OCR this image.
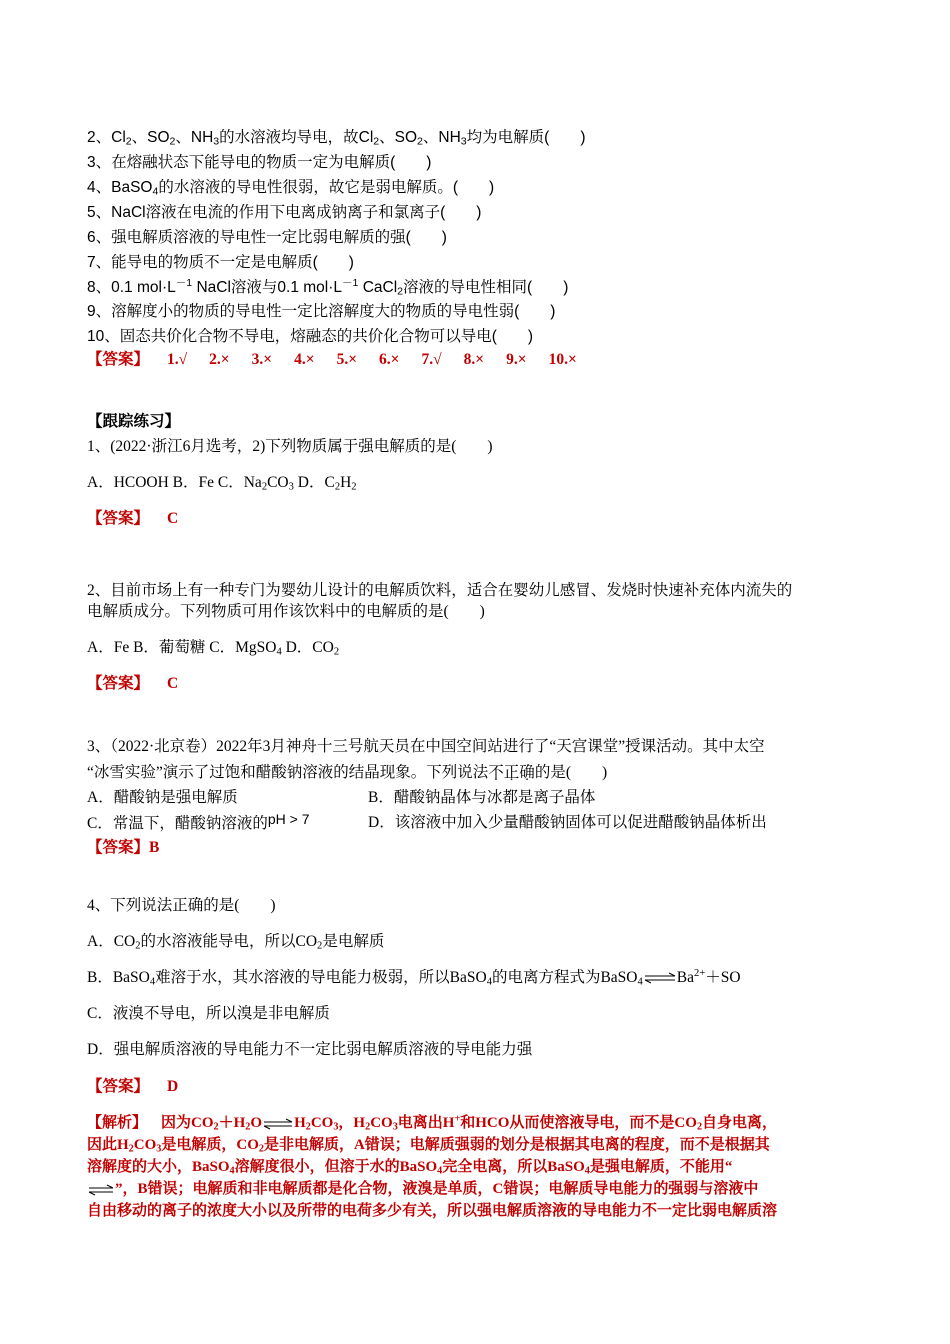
2、$Cl_2$、$SO_2$、$NH_3$的水溶液均导电，故$Cl_2$、$SO_2$、$NH_3$均为电解质(　　)
3、在熔融状态下能导电的物质一定为电解质(　　)
4、BaSO$_4$的水溶液的导电性很弱，故它是弱电解质。(　　)
5、NaCl溶液在电流的作用下电离成钠离子和氯离子(　　)
6、强电解质溶液的导电性一定比弱电解质的强(　　)
7、能导电的物质不一定是电解质(　　)
8、0.1 $mol\cdot L^{-1}$ NaCl溶液与0.1 $mol\cdot L^{-1}$ CaCl$_2$溶液的导电性相同(　　)
9、溶解度小的物质的导电性一定比溶解度大的物质的导电性弱(　　)
10、固态共价化合物不导电，熔融态的共价化合物可以导电(　　)
【答案】 1.√ 2.× 3.× 4.× 5.× 6.× 7.√ 8.× 9.× 10.×
【跟踪练习】
1、(2022·浙江6月选考，2)下列物质属于强电解质的是(　　)
A．HCOOH B．Fe C．$Na_2CO_3$ D．$C_2H_2$
【答案】 C
2、目前市场上有一种专门为婴幼儿设计的电解质饮料，适合在婴幼儿感冒、发烧时快速补充体内流失的
电解质成分。下列物质可用作该饮料中的电解质的是(　　)
A．Fe B．葡萄糖 C．MgSO$_4$ D．$CO_2$
【答案】 C
3、（2022·北京卷）2022年3月神舟十三号航天员在中国空间站进行了“天宫课堂”授课活动。其中太空
“冰雪实验”演示了过饱和醋酸钠溶液的结晶现象。下列说法不正确的是(　　)
A．醋酸钠是强电解质	B．醋酸钠晶体与冰都是离子晶体
C．常温下，醋酸钠溶液的pH > 7	D．该溶液中加入少量醋酸钠固体可以促进醋酸钠晶体析出
【答案】B
4、下列说法正确的是(　　)
A．$CO_2$的水溶液能导电，所以$CO_2$是电解质
B．BaSO$_4$难溶于水，其水溶液的导电能力极弱，所以BaSO$_4$的电离方程式为$BaSO_4\rightleftharpoons Ba^{2+}+SO$
C．液溴不导电，所以溴是非电解质
D．强电解质溶液的导电能力不一定比弱电解质溶液的导电能力强
【答案】 D
【解析】 因为$CO_2+H_2O\rightleftharpoons H_2CO_3$，$H_2CO_3$电离出H+和HCO从而使溶液导电，而不是$CO_2$自身电离，
因此$H_2CO_3$是电解质，$CO_2$是非电解质，A错误；电解质强弱的划分是根据其电离的程度，而不是根据其
溶解度的大小，BaSO$_4$溶解度很小，但溶于水的BaSO$_4$完全电离，所以BaSO$_4$是强电解质，不能用“
⇌”，B错误；电解质和非电解质都是化合物，液溴是单质，C错误；电解质导电能力的强弱与溶液中
自由移动的离子的浓度大小以及所带的电荷多少有关，所以强电解质溶液的导电能力不一定比弱电解质溶
